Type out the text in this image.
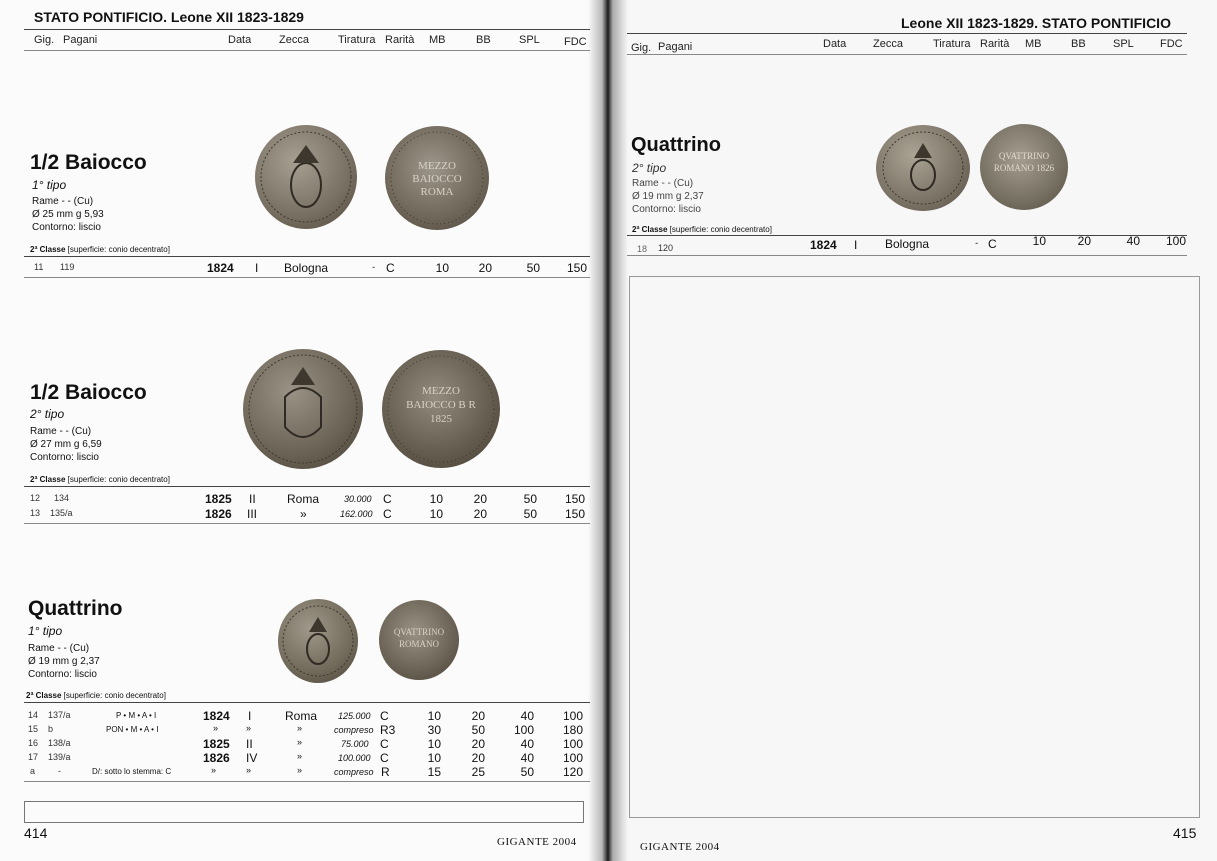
STATO PONTIFICIO. Leone XII 1823-1829
Gig. Pagani	Data	Zecca	Tiratura Rarità MB	BB	SPL FDC
1/2 Baiocco
1° tipo
Rame - - (Cu)
Ø 25 mm g 5,93
Contorno: liscio
MEZZO BAIOCCO ROMA
2ª Classe [superficie: conio decentrato]
11 119	1824 I Bologna	- C	10	20	50	150
1/2 Baiocco
2° tipo
Rame - - (Cu)
Ø 27 mm g 6,59
Contorno: liscio
MEZZO BAIOCCO B R 1825
2ª Classe [superficie: conio decentrato]
12 134	1825 II	Roma	30.000 C	10	20	50	150
13 135/a	1826 III	»	162.000 C	10	20	50	150
Quattrino
1° tipo
Rame - - (Cu)
Ø 19 mm g 2,37
Contorno: liscio
QVATTRINO ROMANO
2ª Classe [superficie: conio decentrato]
14 137/a	P • M • A • I	1824 I	Roma 125.000 C	10	20	40	100
15 b	PON • M • A • I	»	»	»	compreso R3	30	50	100	180
16 138/a	1825 II	»	75.000 C	10	20	40	100
17 139/a	1826 IV	»	100.000 C	10	20	40	100
a	-	D/: sotto lo stemma: C	»	»	»	compreso R	15	25	50	120
414
GIGANTE 2004
Leone XII 1823-1829. STATO PONTIFICIO
Gig. Pagani	Data Zecca	Tiratura Rarità MB	BB SPL FDC
Quattrino
2° tipo
Rame - - (Cu)
Ø 19 mm g 2,37
Contorno: liscio
QVATTRINO ROMANO 1826
2ª Classe [superficie: conio decentrato]
18 120	1824 I Bologna	- C	10	20	40	100
415
GIGANTE 2004
